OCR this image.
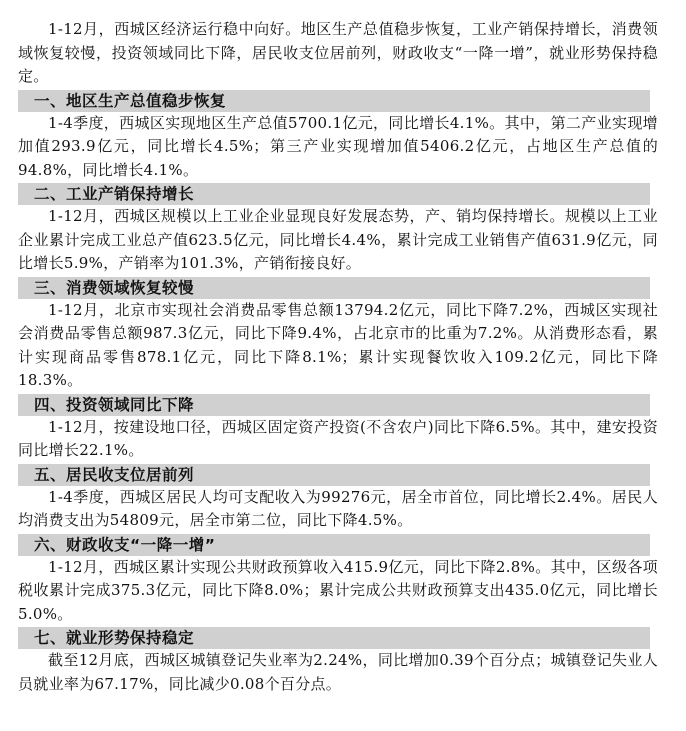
1-12月，西城区经济运行稳中向好。地区生产总值稳步恢复，工业产销保持增长，消费领域恢复较慢，投资领域同比下降，居民收支位居前列，财政收支“一降一增”，就业形势保持稳定。

一、地区生产总值稳步恢复

1-4季度，西城区实现地区生产总值5700.1亿元，同比增长4.1%。其中，第二产业实现增加值293.9亿元，同比增长4.5%；第三产业实现增加值5406.2亿元，占地区生产总值的94.8%，同比增长4.1%。

二、工业产销保持增长

1-12月，西城区规模以上工业企业显现良好发展态势，产、销均保持增长。规模以上工业企业累计完成工业总产值623.5亿元，同比增长4.4%，累计完成工业销售产值631.9亿元，同比增长5.9%，产销率为101.3%，产销衔接良好。

三、消费领域恢复较慢

1-12月，北京市实现社会消费品零售总额13794.2亿元，同比下降7.2%，西城区实现社会消费品零售总额987.3亿元，同比下降9.4%，占北京市的比重为7.2%。从消费形态看，累计实现商品零售878.1亿元，同比下降8.1%；累计实现餐饮收入109.2亿元，同比下降18.3%。

四、投资领域同比下降

1-12月，按建设地口径，西城区固定资产投资(不含农户)同比下降6.5%。其中，建安投资同比增长22.1%。

五、居民收支位居前列

1-4季度，西城区居民人均可支配收入为99276元，居全市首位，同比增长2.4%。居民人均消费支出为54809元，居全市第二位，同比下降4.5%。

六、财政收支“一降一增”

1-12月，西城区累计实现公共财政预算收入415.9亿元，同比下降2.8%。其中，区级各项税收累计完成375.3亿元，同比下降8.0%；累计完成公共财政预算支出435.0亿元，同比增长5.0%。

七、就业形势保持稳定

截至12月底，西城区城镇登记失业率为2.24%，同比增加0.39个百分点；城镇登记失业人员就业率为67.17%，同比减少0.08个百分点。
